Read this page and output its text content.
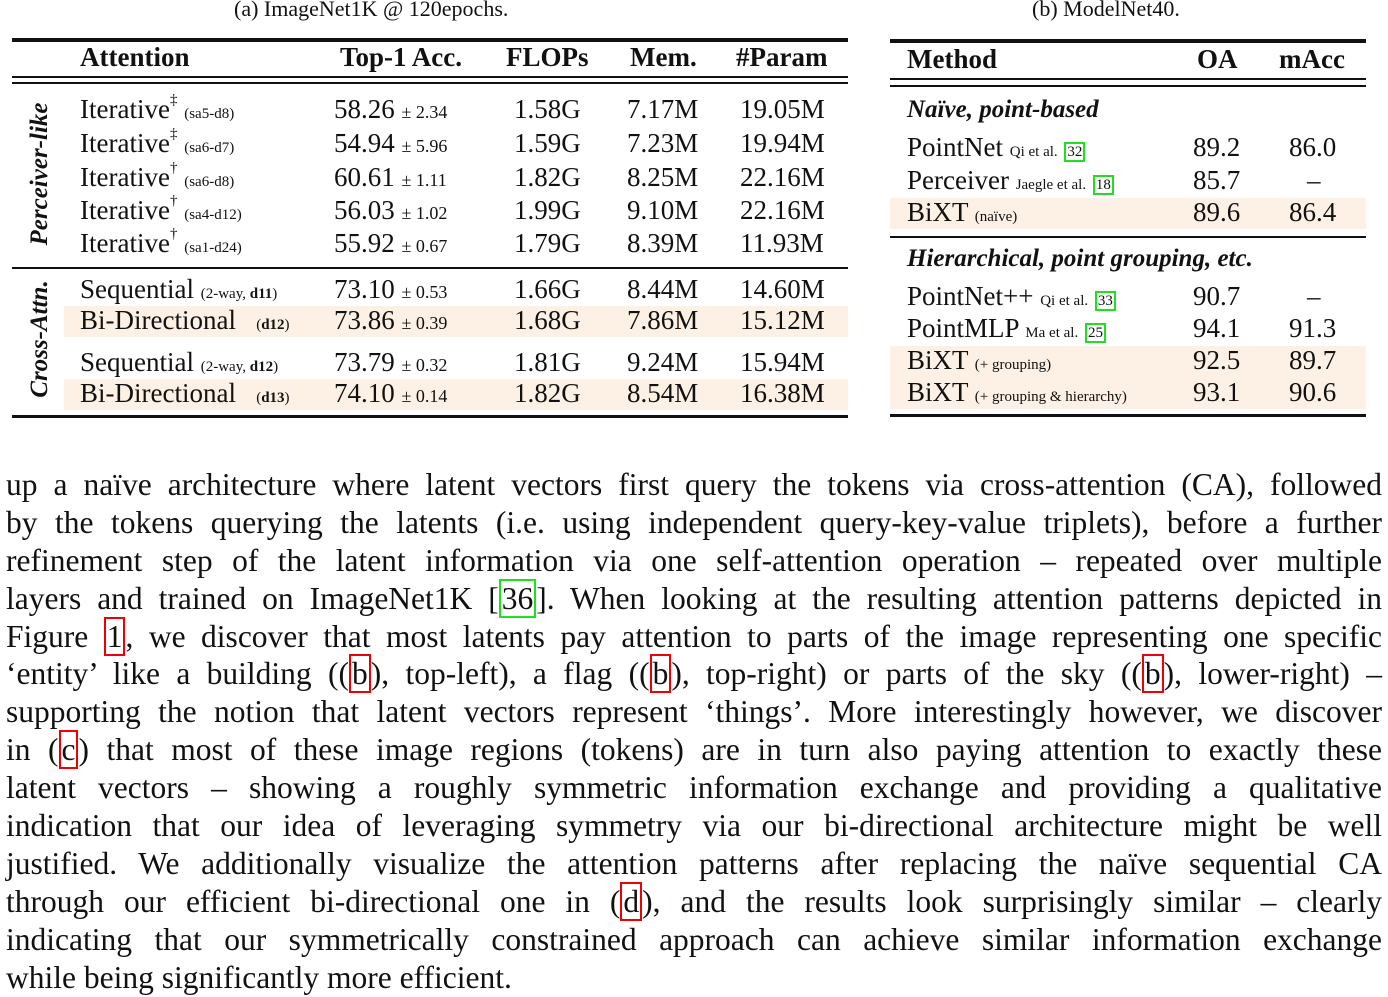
(a) ImageNet1K @ 120epochs.
Perceiver-like
Cross-Attn.
Attention	Top-1 Acc. FLOPs Mem. #Param
Iterative‡ (sa5-d8)	58.26 ± 2.34 1.58G 7.17M 19.05M
Iterative‡ (sa6-d7)	54.94 ± 5.96 1.59G 7.23M 19.94M
Iterative† (sa6-d8)	60.61 ± 1.11 1.82G 8.25M 22.16M
Iterative† (sa4-d12)	56.03 ± 1.02 1.99G 9.10M 22.16M
Iterative† (sa1-d24)	55.92 ± 0.67 1.79G 8.39M 11.93M
Sequential (2-way, d11) 73.10 ± 0.53 1.66G 8.44M 14.60M
Bi-Directional (d12) 73.86 ± 0.39 1.68G 7.86M 15.12M
Sequential (2-way, d12) 73.79 ± 0.32 1.81G 9.24M 15.94M
Bi-Directional (d13) 74.10 ± 0.14 1.82G 8.54M 16.38M
(b) ModelNet40.
Naïve, point-based
Hierarchical, point grouping, etc.
Method	OA mAcc
PointNet Qi et al. 32	89.2 86.0
Perceiver Jaegle et al. 18	85.7 –
BiXT (naïve)	89.6 86.4
PointNet++ Qi et al. 33	90.7 –
PointMLP Ma et al. 25	94.1 91.3
BiXT (+ grouping)	92.5 89.7
BiXT (+ grouping & hierarchy) 93.1 90.6
up a naïve architecture where latent vectors first query the tokens via cross-attention (CA), followed
by the tokens querying the latents (i.e. using independent query-key-value triplets), before a further
refinement step of the latent information via one self-attention operation – repeated over multiple
layers and trained on ImageNet1K [36]. When looking at the resulting attention patterns depicted in
Figure 1, we discover that most latents pay attention to parts of the image representing one specific
‘entity’ like a building ((b), top-left), a flag ((b), top-right) or parts of the sky ((b), lower-right) –
supporting the notion that latent vectors represent ‘things’. More interestingly however, we discover
in (c) that most of these image regions (tokens) are in turn also paying attention to exactly these
latent vectors – showing a roughly symmetric information exchange and providing a qualitative
indication that our idea of leveraging symmetry via our bi-directional architecture might be well
justified. We additionally visualize the attention patterns after replacing the naïve sequential CA
through our efficient bi-directional one in (d), and the results look surprisingly similar – clearly
indicating that our symmetrically constrained approach can achieve similar information exchange
while being significantly more efficient.
